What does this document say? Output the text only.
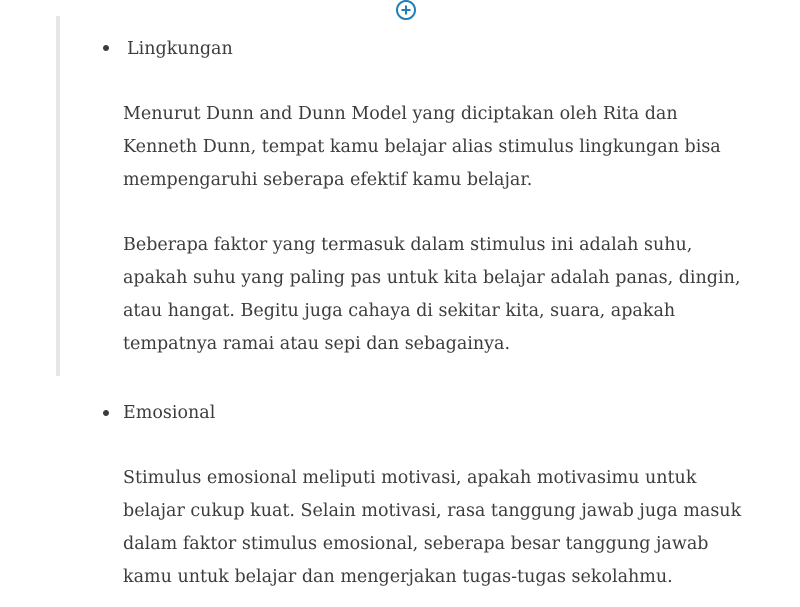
Lingkungan

Menurut Dunn and Dunn Model yang diciptakan oleh Rita dan
Kenneth Dunn, tempat kamu belajar alias stimulus lingkungan bisa
mempengaruhi seberapa efektif kamu belajar.

Beberapa faktor yang termasuk dalam stimulus ini adalah suhu,
apakah suhu yang paling pas untuk kita belajar adalah panas, dingin,
atau hangat. Begitu juga cahaya di sekitar kita, suara, apakah
tempatnya ramai atau sepi dan sebagainya.

Emosional

Stimulus emosional meliputi motivasi, apakah motivasimu untuk
belajar cukup kuat. Selain motivasi, rasa tanggung jawab juga masuk
dalam faktor stimulus emosional, seberapa besar tanggung jawab
kamu untuk belajar dan mengerjakan tugas-tugas sekolahmu.
